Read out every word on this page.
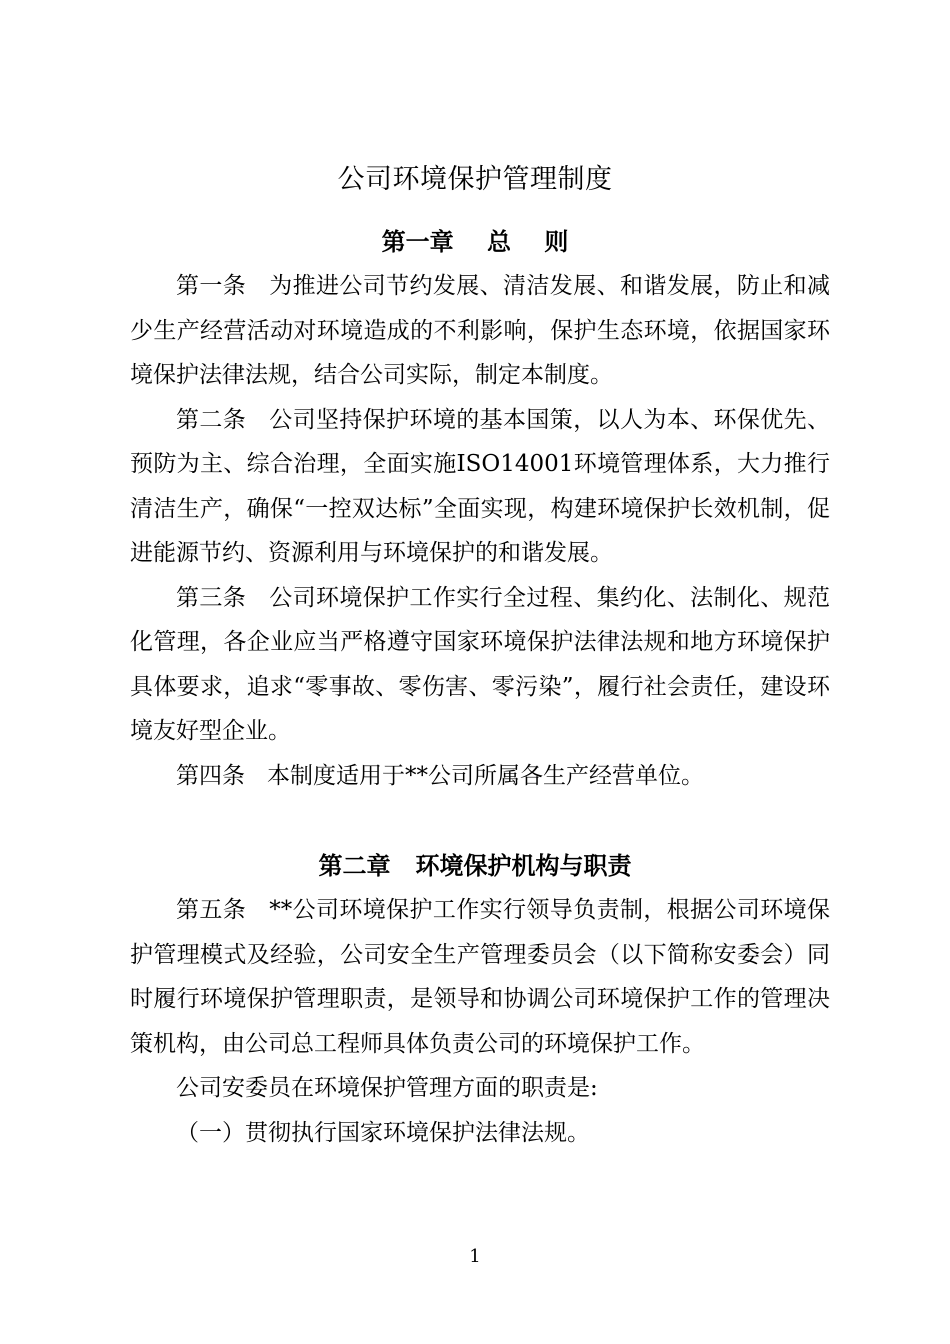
公司环境保护管理制度
第一章    总    则

第一条 为推进公司节约发展、清洁发展、和谐发展，防止和减少生产经营活动对环境造成的不利影响，保护生态环境，依据国家环境保护法律法规，结合公司实际，制定本制度。

第二条 公司坚持保护环境的基本国策，以人为本、环保优先、预防为主、综合治理，全面实施ISO14001环境管理体系，大力推行清洁生产，确保“一控双达标”全面实现，构建环境保护长效机制，促进能源节约、资源利用与环境保护的和谐发展。

第三条 公司环境保护工作实行全过程、集约化、法制化、规范化管理，各企业应当严格遵守国家环境保护法律法规和地方环境保护具体要求，追求“零事故、零伤害、零污染”，履行社会责任，建设环境友好型企业。

第四条 本制度适用于**公司所属各生产经营单位。

第二章   环境保护机构与职责

第五条 **公司环境保护工作实行领导负责制，根据公司环境保护管理模式及经验，公司安全生产管理委员会（以下简称安委会）同时履行环境保护管理职责，是领导和协调公司环境保护工作的管理决策机构，由公司总工程师具体负责公司的环境保护工作。

公司安委员在环境保护管理方面的职责是:

（一）贯彻执行国家环境保护法律法规。

1
